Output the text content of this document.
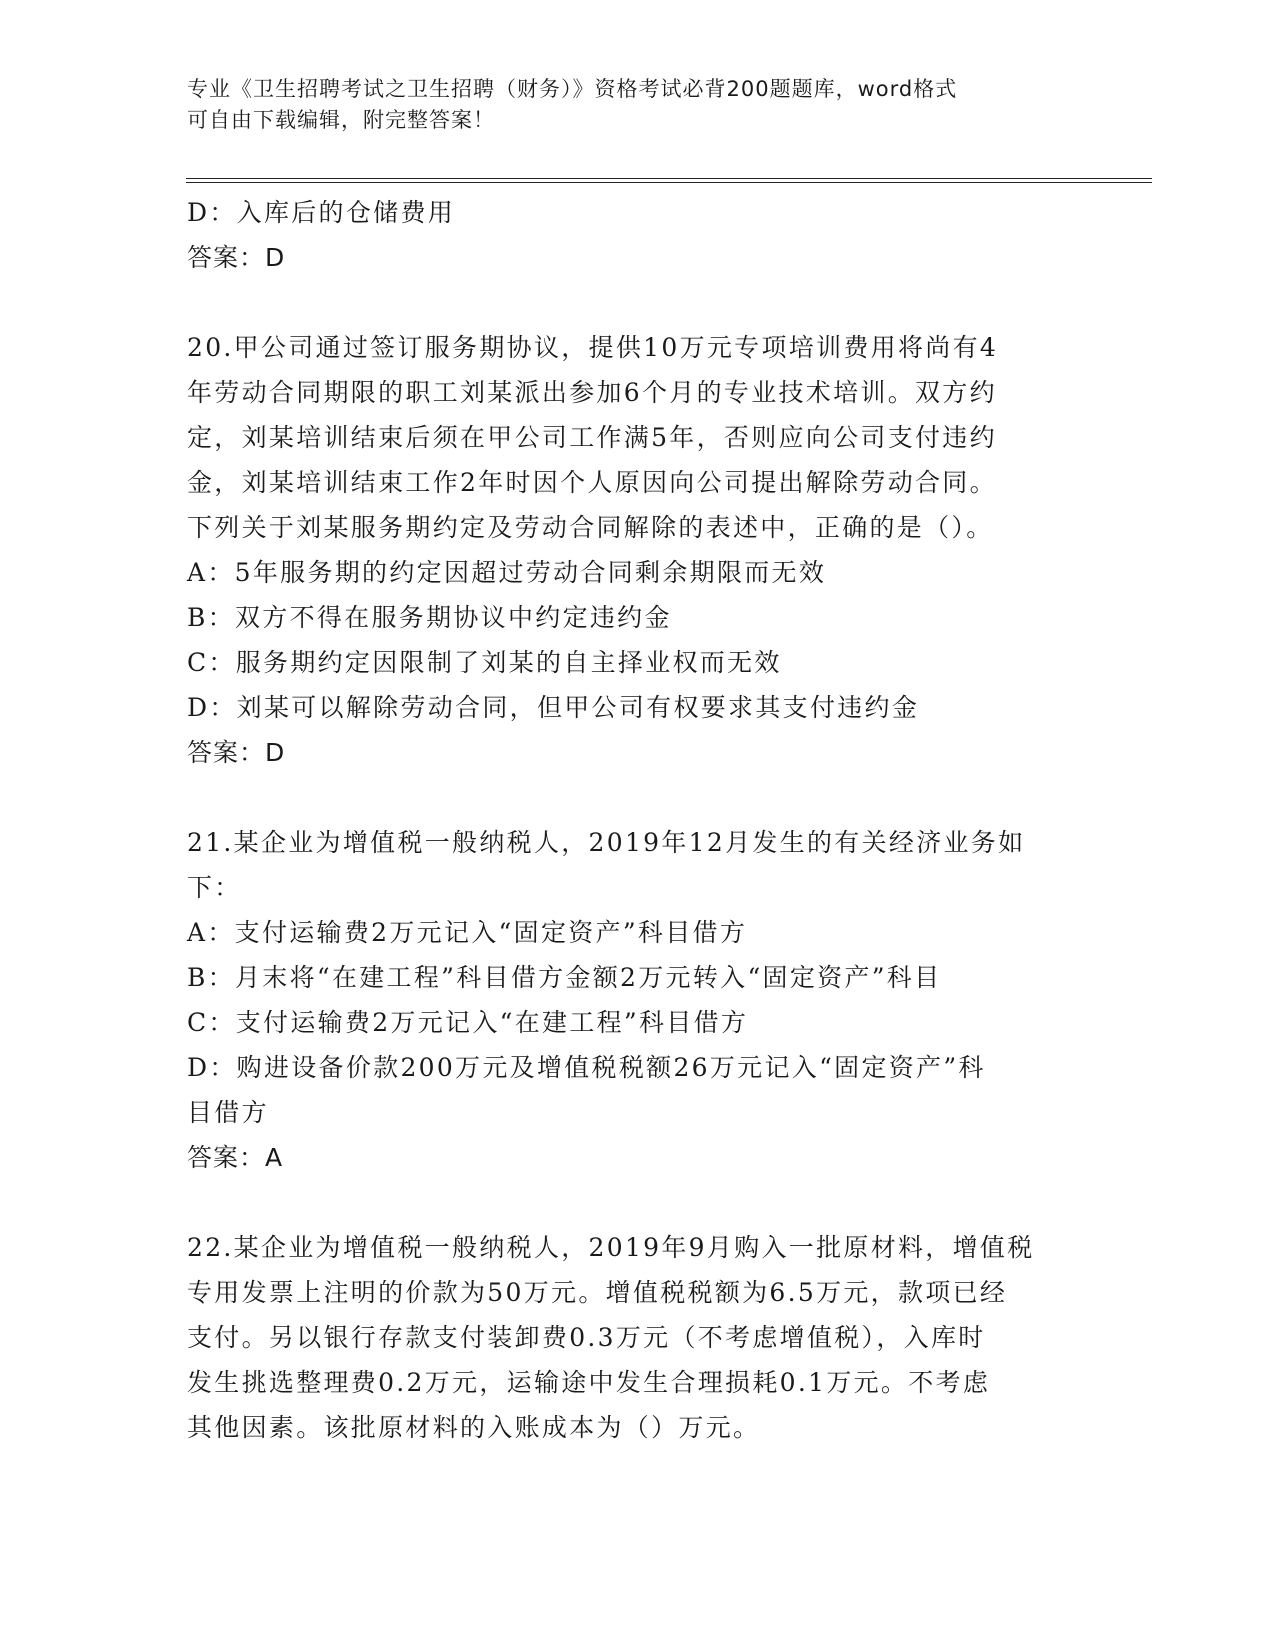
专业《卫生招聘考试之卫生招聘（财务）》资格考试必背200题题库，word格式
可自由下载编辑，附完整答案！
D：入库后的仓储费用
答案：D
20.甲公司通过签订服务期协议，提供10万元专项培训费用将尚有4
年劳动合同期限的职工刘某派出参加6个月的专业技术培训。双方约
定，刘某培训结束后须在甲公司工作满5年，否则应向公司支付违约
金，刘某培训结束工作2年时因个人原因向公司提出解除劳动合同。
下列关于刘某服务期约定及劳动合同解除的表述中，正确的是（）。
A：5年服务期的约定因超过劳动合同剩余期限而无效
B：双方不得在服务期协议中约定违约金
C：服务期约定因限制了刘某的自主择业权而无效
D：刘某可以解除劳动合同，但甲公司有权要求其支付违约金
答案：D
21.某企业为增值税一般纳税人，2019年12月发生的有关经济业务如
下：
A：支付运输费2万元记入“固定资产”科目借方
B：月末将“在建工程”科目借方金额2万元转入“固定资产”科目
C：支付运输费2万元记入“在建工程”科目借方
D：购进设备价款200万元及增值税税额26万元记入“固定资产”科
目借方
答案：A
22.某企业为增值税一般纳税人，2019年9月购入一批原材料，增值税
专用发票上注明的价款为50万元。增值税税额为6.5万元，款项已经
支付。另以银行存款支付装卸费0.3万元（不考虑增值税），入库时
发生挑选整理费0.2万元，运输途中发生合理损耗0.1万元。不考虑
其他因素。该批原材料的入账成本为（）万元。
